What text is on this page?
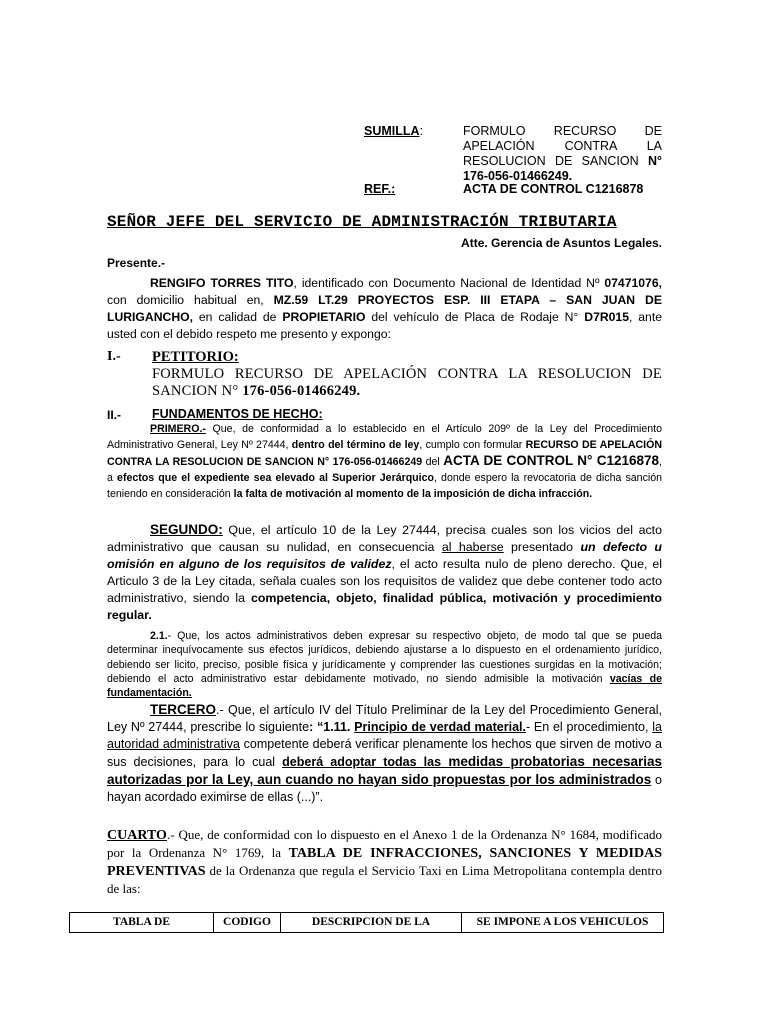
SUMILLA:	FORMULO RECURSO DE APELACIÓN CONTRA LA RESOLUCION DE SANCION N° 176-056-01466249.
REF.:	ACTA DE CONTROL C1216878
SEÑOR JEFE DEL SERVICIO DE ADMINISTRACIÓN TRIBUTARIA
Atte. Gerencia de Asuntos Legales.
Presente.-
RENGIFO TORRES TITO, identificado con Documento Nacional de Identidad Nº 07471076, con domicilio habitual en, MZ.59 LT.29 PROYECTOS ESP. III ETAPA – SAN JUAN DE LURIGANCHO, en calidad de PROPIETARIO del vehículo de Placa de Rodaje N° D7R015, ante usted con el debido respeto me presento y expongo:
I.- PETITORIO:
FORMULO RECURSO DE APELACIÓN CONTRA LA RESOLUCION DE SANCION N° 176-056-01466249.
II.- FUNDAMENTOS DE HECHO:
PRIMERO.- Que, de conformidad a lo establecido en el Artículo 209º de la Ley del Procedimiento Administrativo General, Ley Nº 27444, dentro del término de ley, cumplo con formular RECURSO DE APELACIÓN CONTRA LA RESOLUCION DE SANCION N° 176-056-01466249 del ACTA DE CONTROL N° C1216878, a efectos que el expediente sea elevado al Superior Jerárquico, donde espero la revocatoria de dicha sanción teniendo en consideración la falta de motivación al momento de la imposición de dicha infracción.
SEGUNDO: Que, el artículo 10 de la Ley 27444, precisa cuales son los vicios del acto administrativo que causan su nulidad, en consecuencia al haberse presentado un defecto u omisión en alguno de los requisitos de validez, el acto resulta nulo de pleno derecho. Que, el Articulo 3 de la Ley citada, señala cuales son los requisitos de validez que debe contener todo acto administrativo, siendo la competencia, objeto, finalidad pública, motivación y procedimiento regular.
2.1.- Que, los actos administrativos deben expresar su respectivo objeto, de modo tal que se pueda determinar inequívocamente sus efectos jurídicos, debiendo ajustarse a lo dispuesto en el ordenamiento jurídico, debiendo ser licito, preciso, posible física y jurídicamente y comprender las cuestiones surgidas en la motivación; debiendo el acto administrativo estar debidamente motivado, no siendo admisible la motivación vacías de fundamentación.
TERCERO.- Que, el artículo IV del Título Preliminar de la Ley del Procedimiento General, Ley Nº 27444, prescribe lo siguiente: “1.11. Principio de verdad material.- En el procedimiento, la autoridad administrativa competente deberá verificar plenamente los hechos que sirven de motivo a sus decisiones, para lo cual deberá adoptar todas las medidas probatorias necesarias autorizadas por la Ley, aun cuando no hayan sido propuestas por los administrados o hayan acordado eximirse de ellas (...)”.
CUARTO.- Que, de conformidad con lo dispuesto en el Anexo 1 de la Ordenanza N° 1684, modificado por la Ordenanza N° 1769, la TABLA DE INFRACCIONES, SANCIONES Y MEDIDAS PREVENTIVAS de la Ordenanza que regula el Servicio Taxi en Lima Metropolitana contempla dentro de las:
TABLA DE	CODIGO	DESCRIPCION DE LA	SE IMPONE A LOS VEHICULOS
